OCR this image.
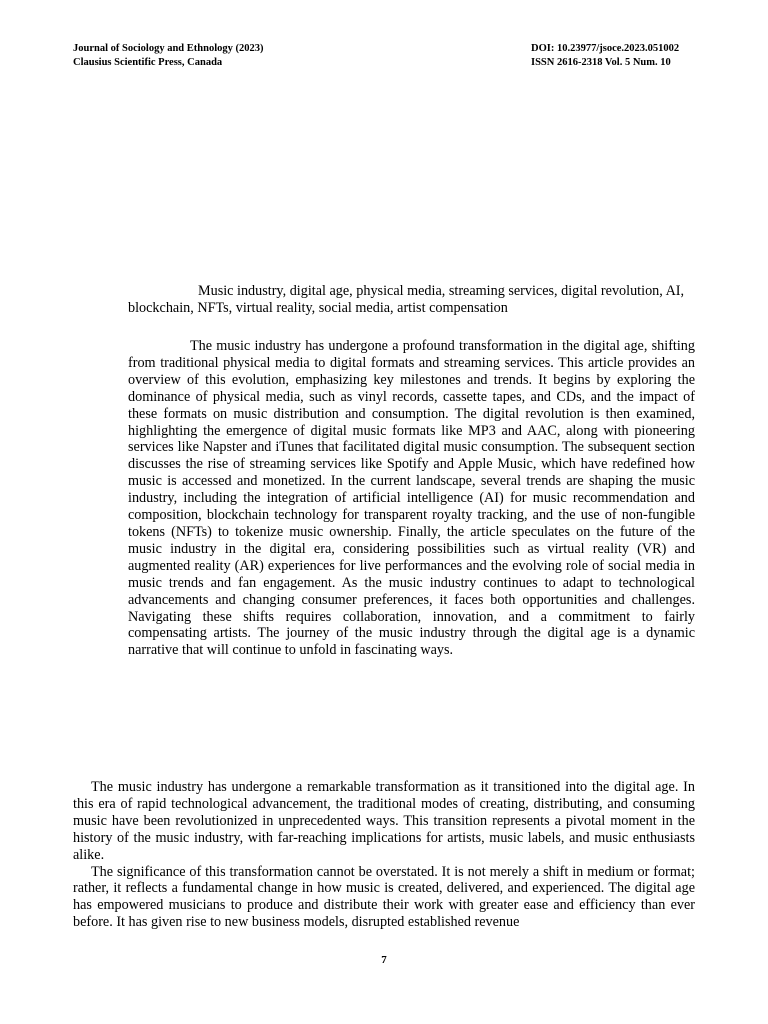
Journal of Sociology and Ethnology (2023)
Clausius Scientific Press, Canada
DOI: 10.23977/jsoce.2023.051002
ISSN 2616-2318 Vol. 5 Num. 10
Music industry, digital age, physical media, streaming services, digital revolution, AI, blockchain, NFTs, virtual reality, social media, artist compensation
The music industry has undergone a profound transformation in the digital age, shifting from traditional physical media to digital formats and streaming services. This article provides an overview of this evolution, emphasizing key milestones and trends. It begins by exploring the dominance of physical media, such as vinyl records, cassette tapes, and CDs, and the impact of these formats on music distribution and consumption. The digital revolution is then examined, highlighting the emergence of digital music formats like MP3 and AAC, along with pioneering services like Napster and iTunes that facilitated digital music consumption. The subsequent section discusses the rise of streaming services like Spotify and Apple Music, which have redefined how music is accessed and monetized. In the current landscape, several trends are shaping the music industry, including the integration of artificial intelligence (AI) for music recommendation and composition, blockchain technology for transparent royalty tracking, and the use of non-fungible tokens (NFTs) to tokenize music ownership. Finally, the article speculates on the future of the music industry in the digital era, considering possibilities such as virtual reality (VR) and augmented reality (AR) experiences for live performances and the evolving role of social media in music trends and fan engagement. As the music industry continues to adapt to technological advancements and changing consumer preferences, it faces both opportunities and challenges. Navigating these shifts requires collaboration, innovation, and a commitment to fairly compensating artists. The journey of the music industry through the digital age is a dynamic narrative that will continue to unfold in fascinating ways.

The music industry has undergone a remarkable transformation as it transitioned into the digital age. In this era of rapid technological advancement, the traditional modes of creating, distributing, and consuming music have been revolutionized in unprecedented ways. This transition represents a pivotal moment in the history of the music industry, with far-reaching implications for artists, music labels, and music enthusiasts alike.

The significance of this transformation cannot be overstated. It is not merely a shift in medium or format; rather, it reflects a fundamental change in how music is created, delivered, and experienced. The digital age has empowered musicians to produce and distribute their work with greater ease and efficiency than ever before. It has given rise to new business models, disrupted established revenue

7
